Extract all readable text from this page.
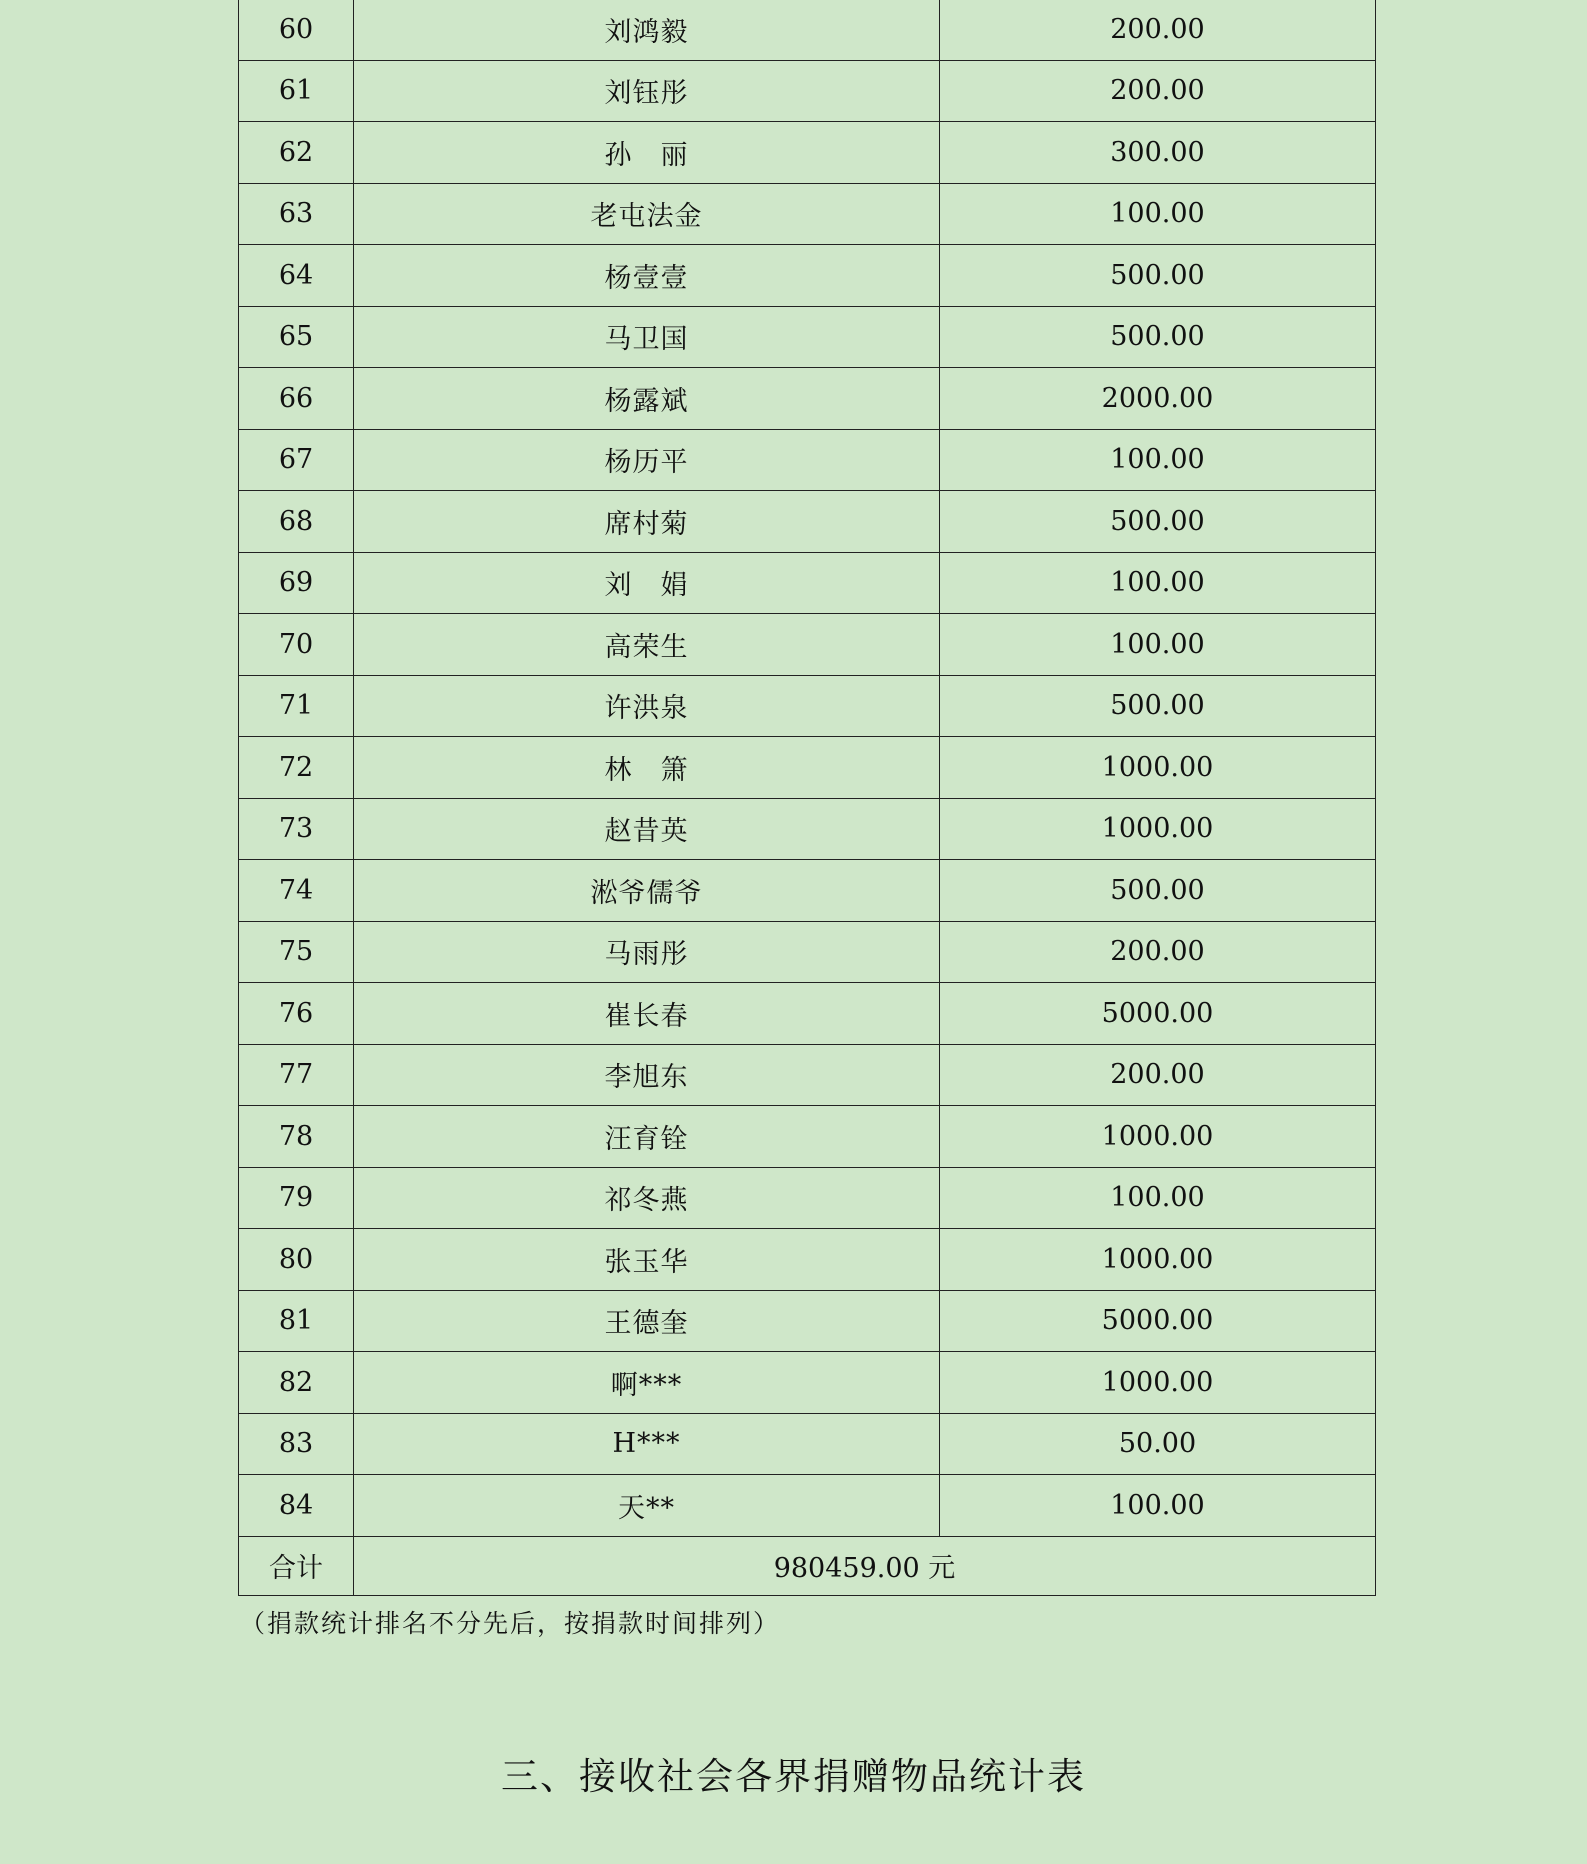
60	刘鸿毅	200.00
61	刘钰彤	200.00
62	孙　丽	300.00
63	老屯法金	100.00
64	杨壹壹	500.00
65	马卫国	500.00
66	杨露斌	2000.00
67	杨历平	100.00
68	席村菊	500.00
69	刘　娟	100.00
70	高荣生	100.00
71	许洪泉	500.00
72	林　箫	1000.00
73	赵昔英	1000.00
74	淞爷儒爷	500.00
75	马雨彤	200.00
76	崔长春	5000.00
77	李旭东	200.00
78	汪育铨	1000.00
79	祁冬燕	100.00
80	张玉华	1000.00
81	王德奎	5000.00
82	啊***	1000.00
83	H***	50.00
84	天**	100.00
合计	980459.00 元	
（捐款统计排名不分先后，按捐款时间排列）
三、接收社会各界捐赠物品统计表
